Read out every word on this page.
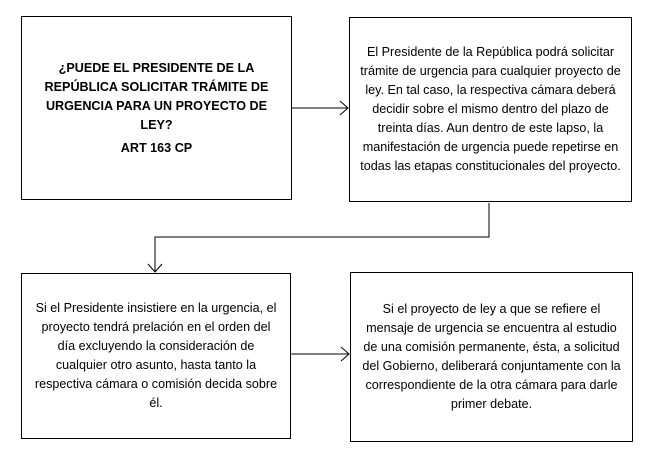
¿PUEDE EL PRESIDENTE DE LA REPÚBLICA SOLICITAR TRÁMITE DE URGENCIA PARA UN PROYECTO DE LEY?
ART 163 CP
El Presidente de la República podrá solicitar trámite de urgencia para cualquier proyecto de ley. En tal caso, la respectiva cámara deberá decidir sobre el mismo dentro del plazo de treinta días. Aun dentro de este lapso, la manifestación de urgencia puede repetirse en todas las etapas constitucionales del proyecto.
Si el Presidente insistiere en la urgencia, el proyecto tendrá prelación en el orden del día excluyendo la consideración de cualquier otro asunto, hasta tanto la respectiva cámara o comisión decida sobre él.
Si el proyecto de ley a que se refiere el mensaje de urgencia se encuentra al estudio de una comisión permanente, ésta, a solicitud del Gobierno, deliberará conjuntamente con la correspondiente de la otra cámara para darle primer debate.
